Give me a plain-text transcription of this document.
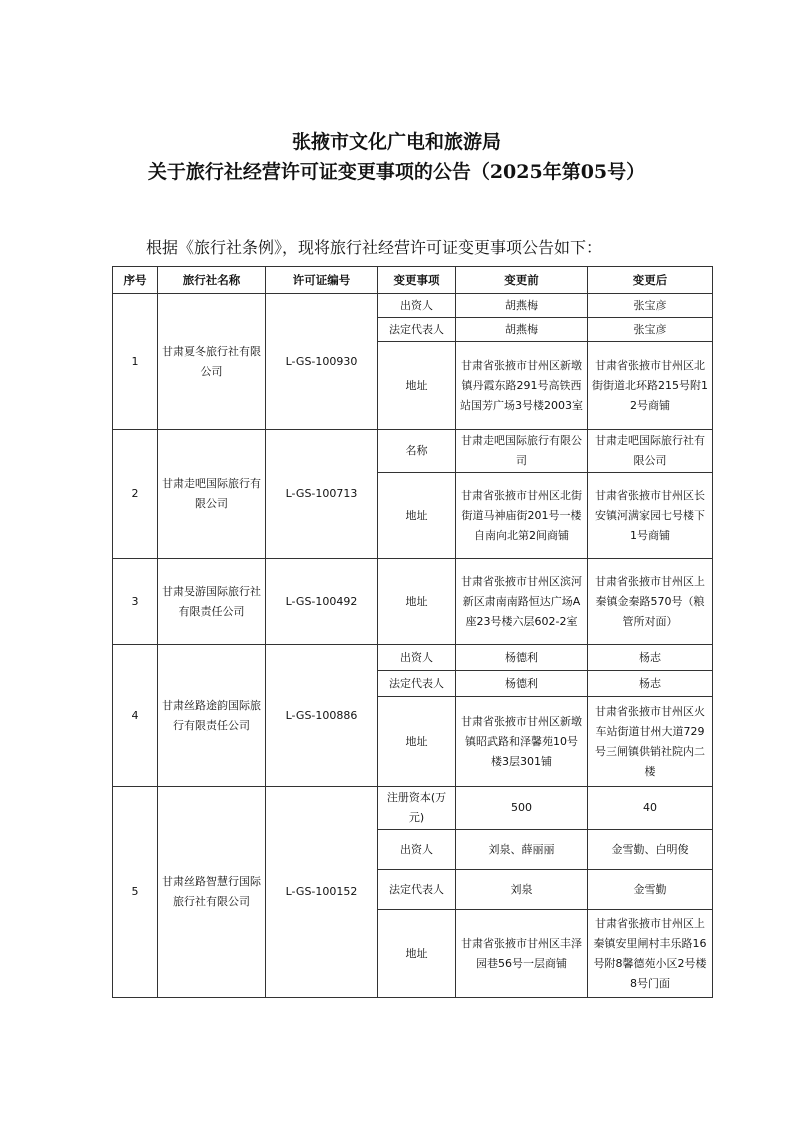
张掖市文化广电和旅游局
关于旅行社经营许可证变更事项的公告（2025年第05号）
根据《旅行社条例》，现将旅行社经营许可证变更事项公告如下：
序号	旅行社名称	许可证编号	变更事项	变更前	变更后
1	甘肃夏冬旅行社有限公司	L-GS-100930	出资人	胡燕梅	张宝彦
			法定代表人	胡燕梅	张宝彦
			地址	甘肃省张掖市甘州区新墩镇丹霞东路291号高铁西站国芳广场3号楼2003室	甘肃省张掖市甘州区北街街道北环路215号附12号商铺
2	甘肃走吧国际旅行有限公司	L-GS-100713	名称	甘肃走吧国际旅行有限公司	甘肃走吧国际旅行社有限公司
			地址	甘肃省张掖市甘州区北街街道马神庙街201号一楼自南向北第2间商铺	甘肃省张掖市甘州区长安镇河满家园七号楼下1号商铺
3	甘肃旻游国际旅行社有限责任公司	L-GS-100492	地址	甘肃省张掖市甘州区滨河新区肃南南路恒达广场A座23号楼六层602-2室	甘肃省张掖市甘州区上秦镇金秦路570号（粮管所对面）
4	甘肃丝路途韵国际旅行有限责任公司	L-GS-100886	出资人	杨德利	杨志
			法定代表人	杨德利	杨志
			地址	甘肃省张掖市甘州区新墩镇昭武路和泽馨苑10号楼3层301铺	甘肃省张掖市甘州区火车站街道甘州大道729号三闸镇供销社院内二楼
5	甘肃丝路智慧行国际旅行社有限公司	L-GS-100152	注册资本(万元)	500	40
			出资人	刘泉、薛丽丽	金雪勤、白明俊
			法定代表人	刘泉	金雪勤
			地址	甘肃省张掖市甘州区丰泽园巷56号一层商铺	甘肃省张掖市甘州区上秦镇安里闸村丰乐路16号附8馨德苑小区2号楼8号门面
